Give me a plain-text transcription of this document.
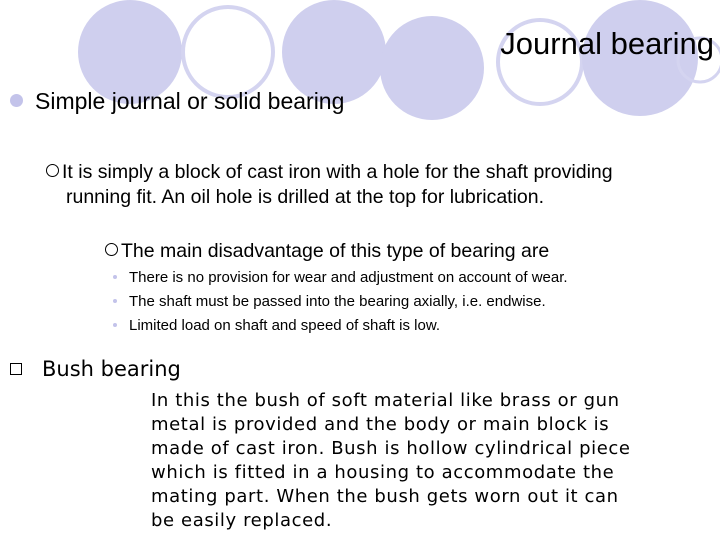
Journal bearing
Simple journal or solid bearing
It is simply a block of cast iron with a hole for the shaft providing running fit. An oil hole is drilled at the top for lubrication.
The main disadvantage of this type of bearing are
There is no provision for wear and adjustment on account of wear.
The shaft must be passed into the bearing axially, i.e. endwise.
Limited load on shaft and speed of shaft is low.
Bush bearing
In this the bush of soft material like brass or gun
metal is provided and the body or main block is
made of cast iron. Bush is hollow cylindrical piece
which is fitted in a housing to accommodate the
mating part. When the bush gets worn out it can
be easily replaced.
